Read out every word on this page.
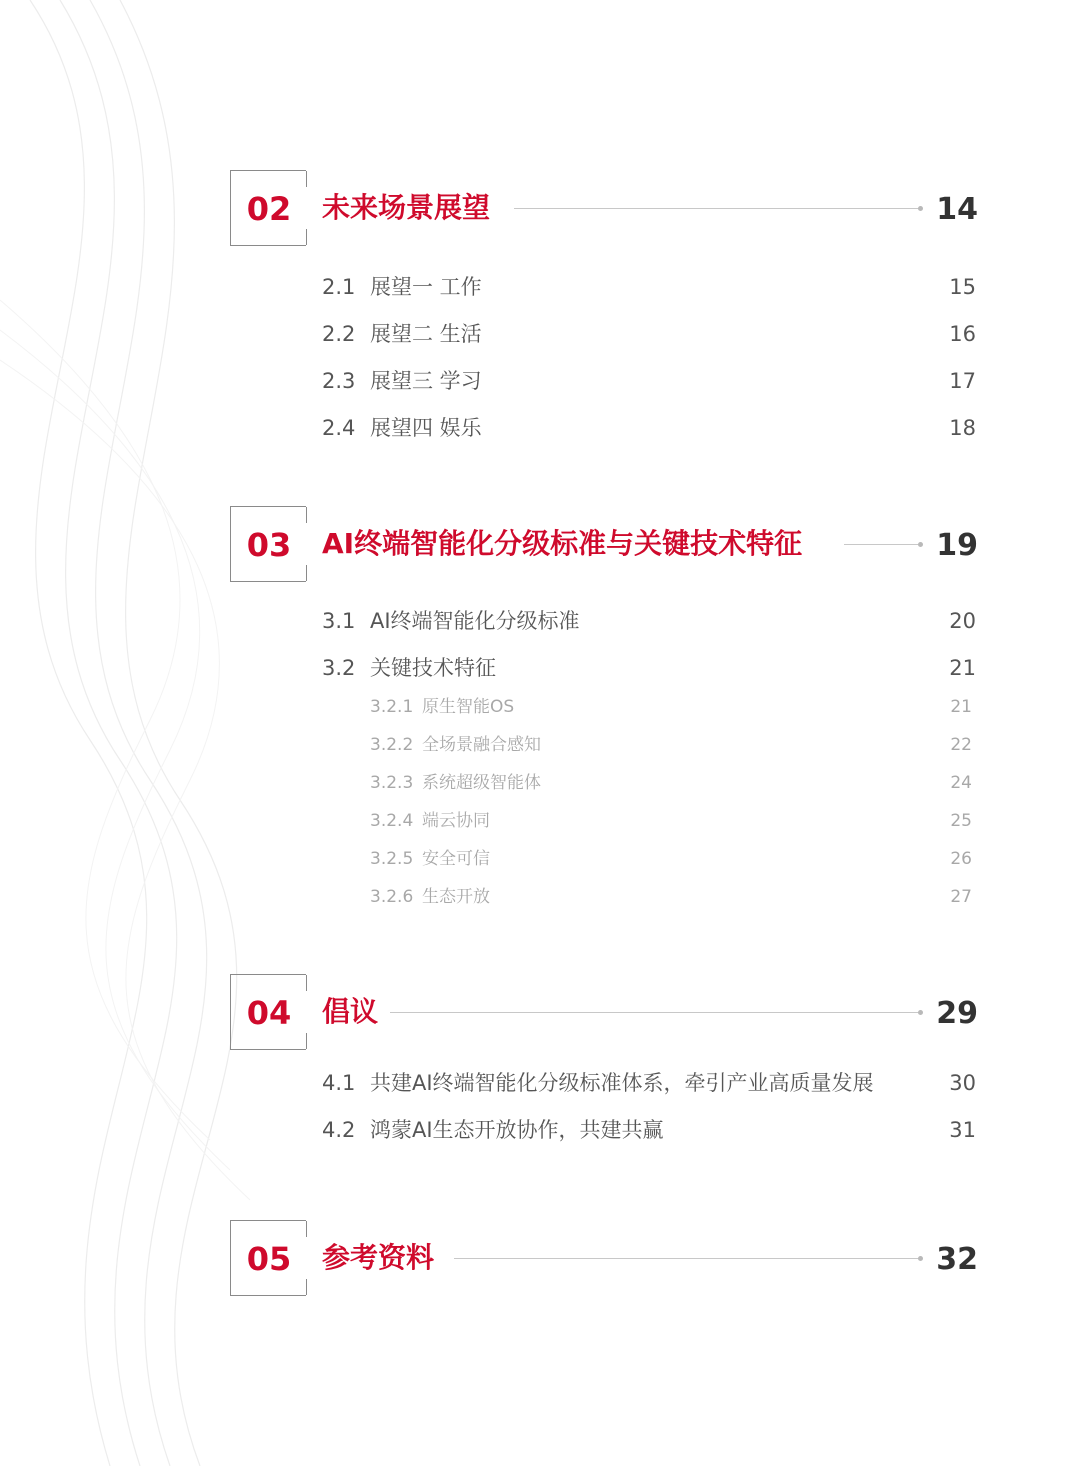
02	未来场景展望	14
2.1 展望一 工作	15
2.2 展望二 生活	16
2.3 展望三 学习	17
2.4 展望四 娱乐	18
03	AI终端智能化分级标准与关键技术特征	19
3.1 AI终端智能化分级标准	20
3.2 关键技术特征	21
3.2.1 原生智能OS	21
3.2.2 全场景融合感知	22
3.2.3 系统超级智能体	24
3.2.4 端云协同	25
3.2.5 安全可信	26
3.2.6 生态开放	27
04	倡议	29
4.1 共建AI终端智能化分级标准体系，牵引产业高质量发展	30
4.2 鸿蒙AI生态开放协作，共建共赢	31
05	参考资料	32
